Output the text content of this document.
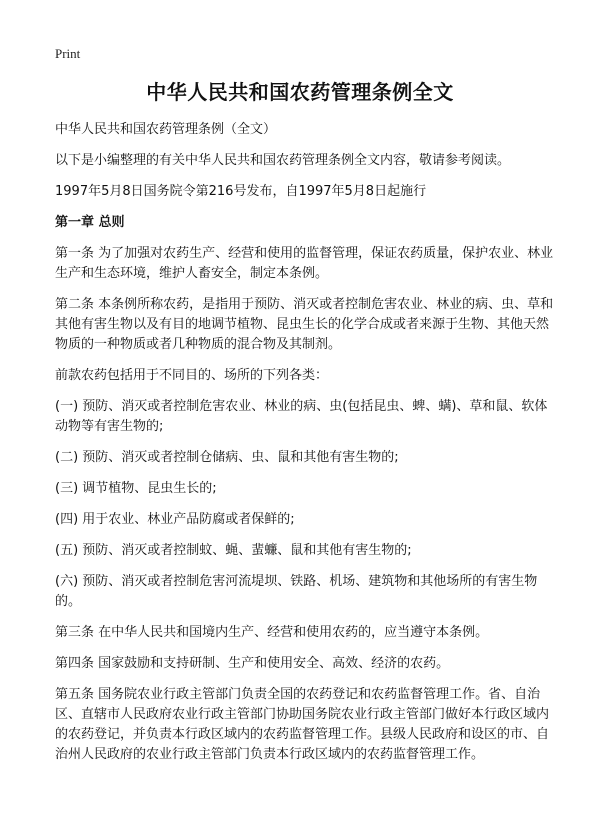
Print
中华人民共和国农药管理条例全文

中华人民共和国农药管理条例（全文）

以下是小编整理的有关中华人民共和国农药管理条例全文内容，敬请参考阅读。

1997年5月8日国务院令第216号发布，自1997年5月8日起施行

第一章 总则

第一条 为了加强对农药生产、经营和使用的监督管理，保证农药质量，保护农业、林业生产和生态环境，维护人畜安全，制定本条例。

第二条 本条例所称农药，是指用于预防、消灭或者控制危害农业、林业的病、虫、草和其他有害生物以及有目的地调节植物、昆虫生长的化学合成或者来源于生物、其他天然物质的一种物质或者几种物质的混合物及其制剂。

前款农药包括用于不同目的、场所的下列各类：

(一) 预防、消灭或者控制危害农业、林业的病、虫(包括昆虫、蜱、螨)、草和鼠、软体动物等有害生物的;

(二) 预防、消灭或者控制仓储病、虫、鼠和其他有害生物的;

(三) 调节植物、昆虫生长的;

(四) 用于农业、林业产品防腐或者保鲜的;

(五) 预防、消灭或者控制蚊、蝇、蜚蠊、鼠和其他有害生物的;

(六) 预防、消灭或者控制危害河流堤坝、铁路、机场、建筑物和其他场所的有害生物的。

第三条 在中华人民共和国境内生产、经营和使用农药的，应当遵守本条例。

第四条 国家鼓励和支持研制、生产和使用安全、高效、经济的农药。

第五条 国务院农业行政主管部门负责全国的农药登记和农药监督管理工作。省、自治区、直辖市人民政府农业行政主管部门协助国务院农业行政主管部门做好本行政区域内的农药登记，并负责本行政区域内的农药监督管理工作。县级人民政府和设区的市、自治州人民政府的农业行政主管部门负责本行政区域内的农药监督管理工作。
